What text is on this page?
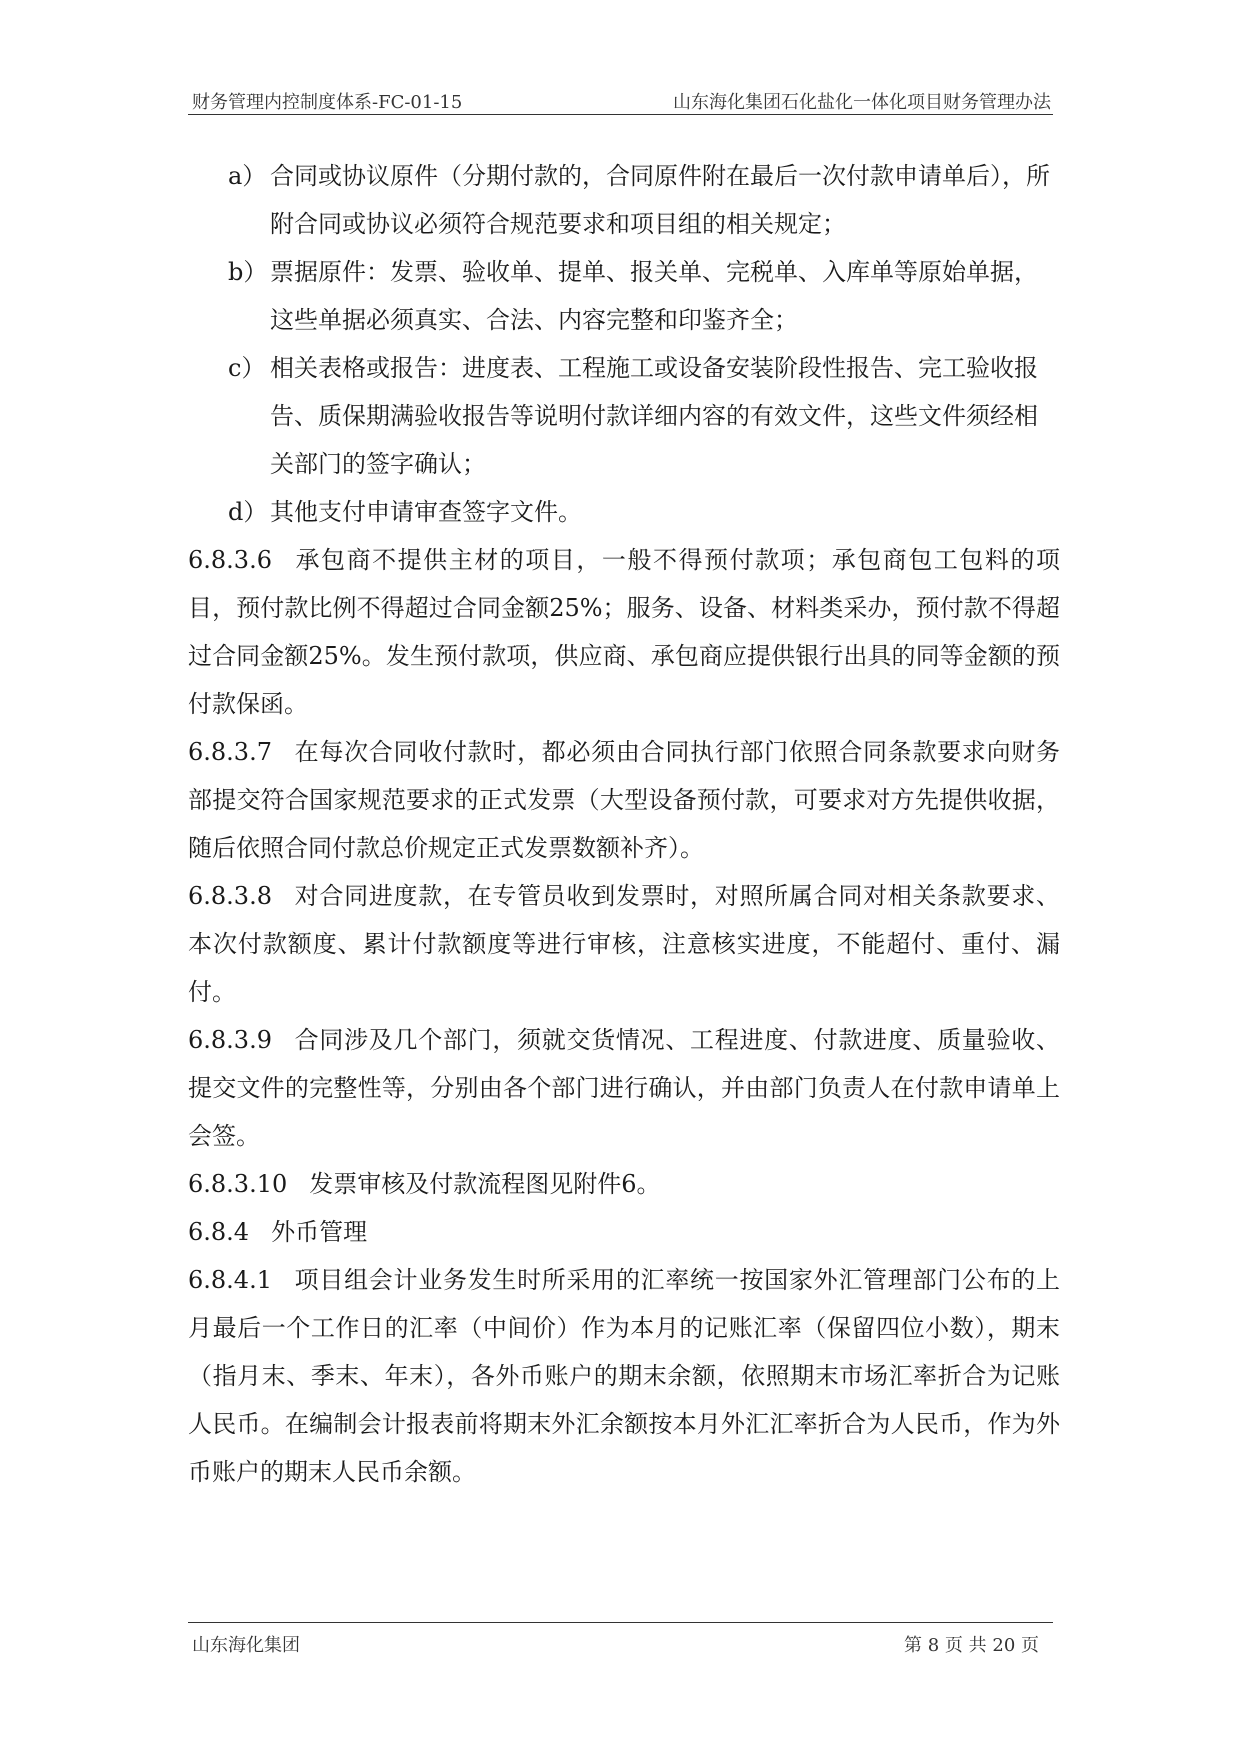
财务管理内控制度体系-FC-01-15	山东海化集团石化盐化一体化项目财务管理办法
a） 合同或协议原件（分期付款的，合同原件附在最后一次付款申请单后），所附合同或协议必须符合规范要求和项目组的相关规定；
b） 票据原件：发票、验收单、提单、报关单、完税单、入库单等原始单据，这些单据必须真实、合法、内容完整和印鉴齐全；
c） 相关表格或报告：进度表、工程施工或设备安装阶段性报告、完工验收报告、质保期满验收报告等说明付款详细内容的有效文件，这些文件须经相关部门的签字确认；
d） 其他支付申请审查签字文件。

6.8.3.6 承包商不提供主材的项目，一般不得预付款项；承包商包工包料的项目，预付款比例不得超过合同金额25%；服务、设备、材料类采办，预付款不得超过合同金额25%。发生预付款项，供应商、承包商应提供银行出具的同等金额的预付款保函。

6.8.3.7 在每次合同收付款时，都必须由合同执行部门依照合同条款要求向财务部提交符合国家规范要求的正式发票（大型设备预付款，可要求对方先提供收据，随后依照合同付款总价规定正式发票数额补齐）。

6.8.3.8 对合同进度款，在专管员收到发票时，对照所属合同对相关条款要求、本次付款额度、累计付款额度等进行审核，注意核实进度，不能超付、重付、漏付。

6.8.3.9 合同涉及几个部门，须就交货情况、工程进度、付款进度、质量验收、提交文件的完整性等，分别由各个部门进行确认，并由部门负责人在付款申请单上会签。

6.8.3.10 发票审核及付款流程图见附件6。

6.8.4 外币管理

6.8.4.1 项目组会计业务发生时所采用的汇率统一按国家外汇管理部门公布的上月最后一个工作日的汇率（中间价）作为本月的记账汇率（保留四位小数），期末（指月末、季末、年末），各外币账户的期末余额，依照期末市场汇率折合为记账人民币。在编制会计报表前将期末外汇余额按本月外汇汇率折合为人民币，作为外币账户的期末人民币余额。

山东海化集团	第 8 页 共 20 页
